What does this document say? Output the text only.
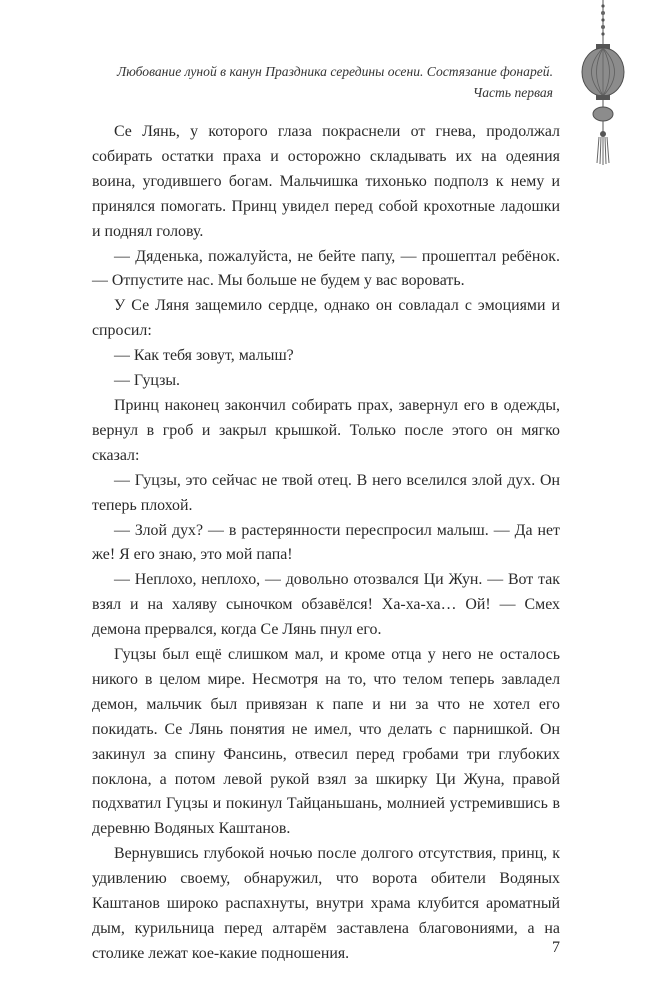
Любование луной в канун Праздника середины осени. Состязание фонарей.
Часть первая

Се Лянь, у которого глаза покраснели от гнева, продолжал собирать остатки праха и осторожно складывать их на одеяния воина, угодившего богам. Мальчишка тихонько подполз к нему и принялся помогать. Принц увидел перед собой крохотные ладошки и поднял голову.

— Дяденька, пожалуйста, не бейте папу, — прошептал ребёнок. — Отпустите нас. Мы больше не будем у вас воровать.

У Се Ляня защемило сердце, однако он совладал с эмоциями и спросил:

— Как тебя зовут, малыш?

— Гуцзы.

Принц наконец закончил собирать прах, завернул его в одежды, вернул в гроб и закрыл крышкой. Только после этого он мягко сказал:

— Гуцзы, это сейчас не твой отец. В него вселился злой дух. Он теперь плохой.

— Злой дух? — в растерянности переспросил малыш. — Да нет же! Я его знаю, это мой папа!

— Неплохо, неплохо, — довольно отозвался Ци Жун. — Вот так взял и на халяву сыночком обзавёлся! Ха-ха-ха… Ой! — Смех демона прервался, когда Се Лянь пнул его.

Гуцзы был ещё слишком мал, и кроме отца у него не осталось никого в целом мире. Несмотря на то, что телом теперь завладел демон, мальчик был привязан к папе и ни за что не хотел его покидать. Се Лянь понятия не имел, что делать с парнишкой. Он закинул за спину Фансинь, отвесил перед гробами три глубоких поклона, а потом левой рукой взял за шкирку Ци Жуна, правой подхватил Гуцзы и покинул Тайцаньшань, молнией устремившись в деревню Водяных Каштанов.

Вернувшись глубокой ночью после долгого отсутствия, принц, к удивлению своему, обнаружил, что ворота обители Водяных Каштанов широко распахнуты, внутри храма клубится ароматный дым, курильница перед алтарём заставлена благовониями, а на столике лежат кое-какие подношения.	7
